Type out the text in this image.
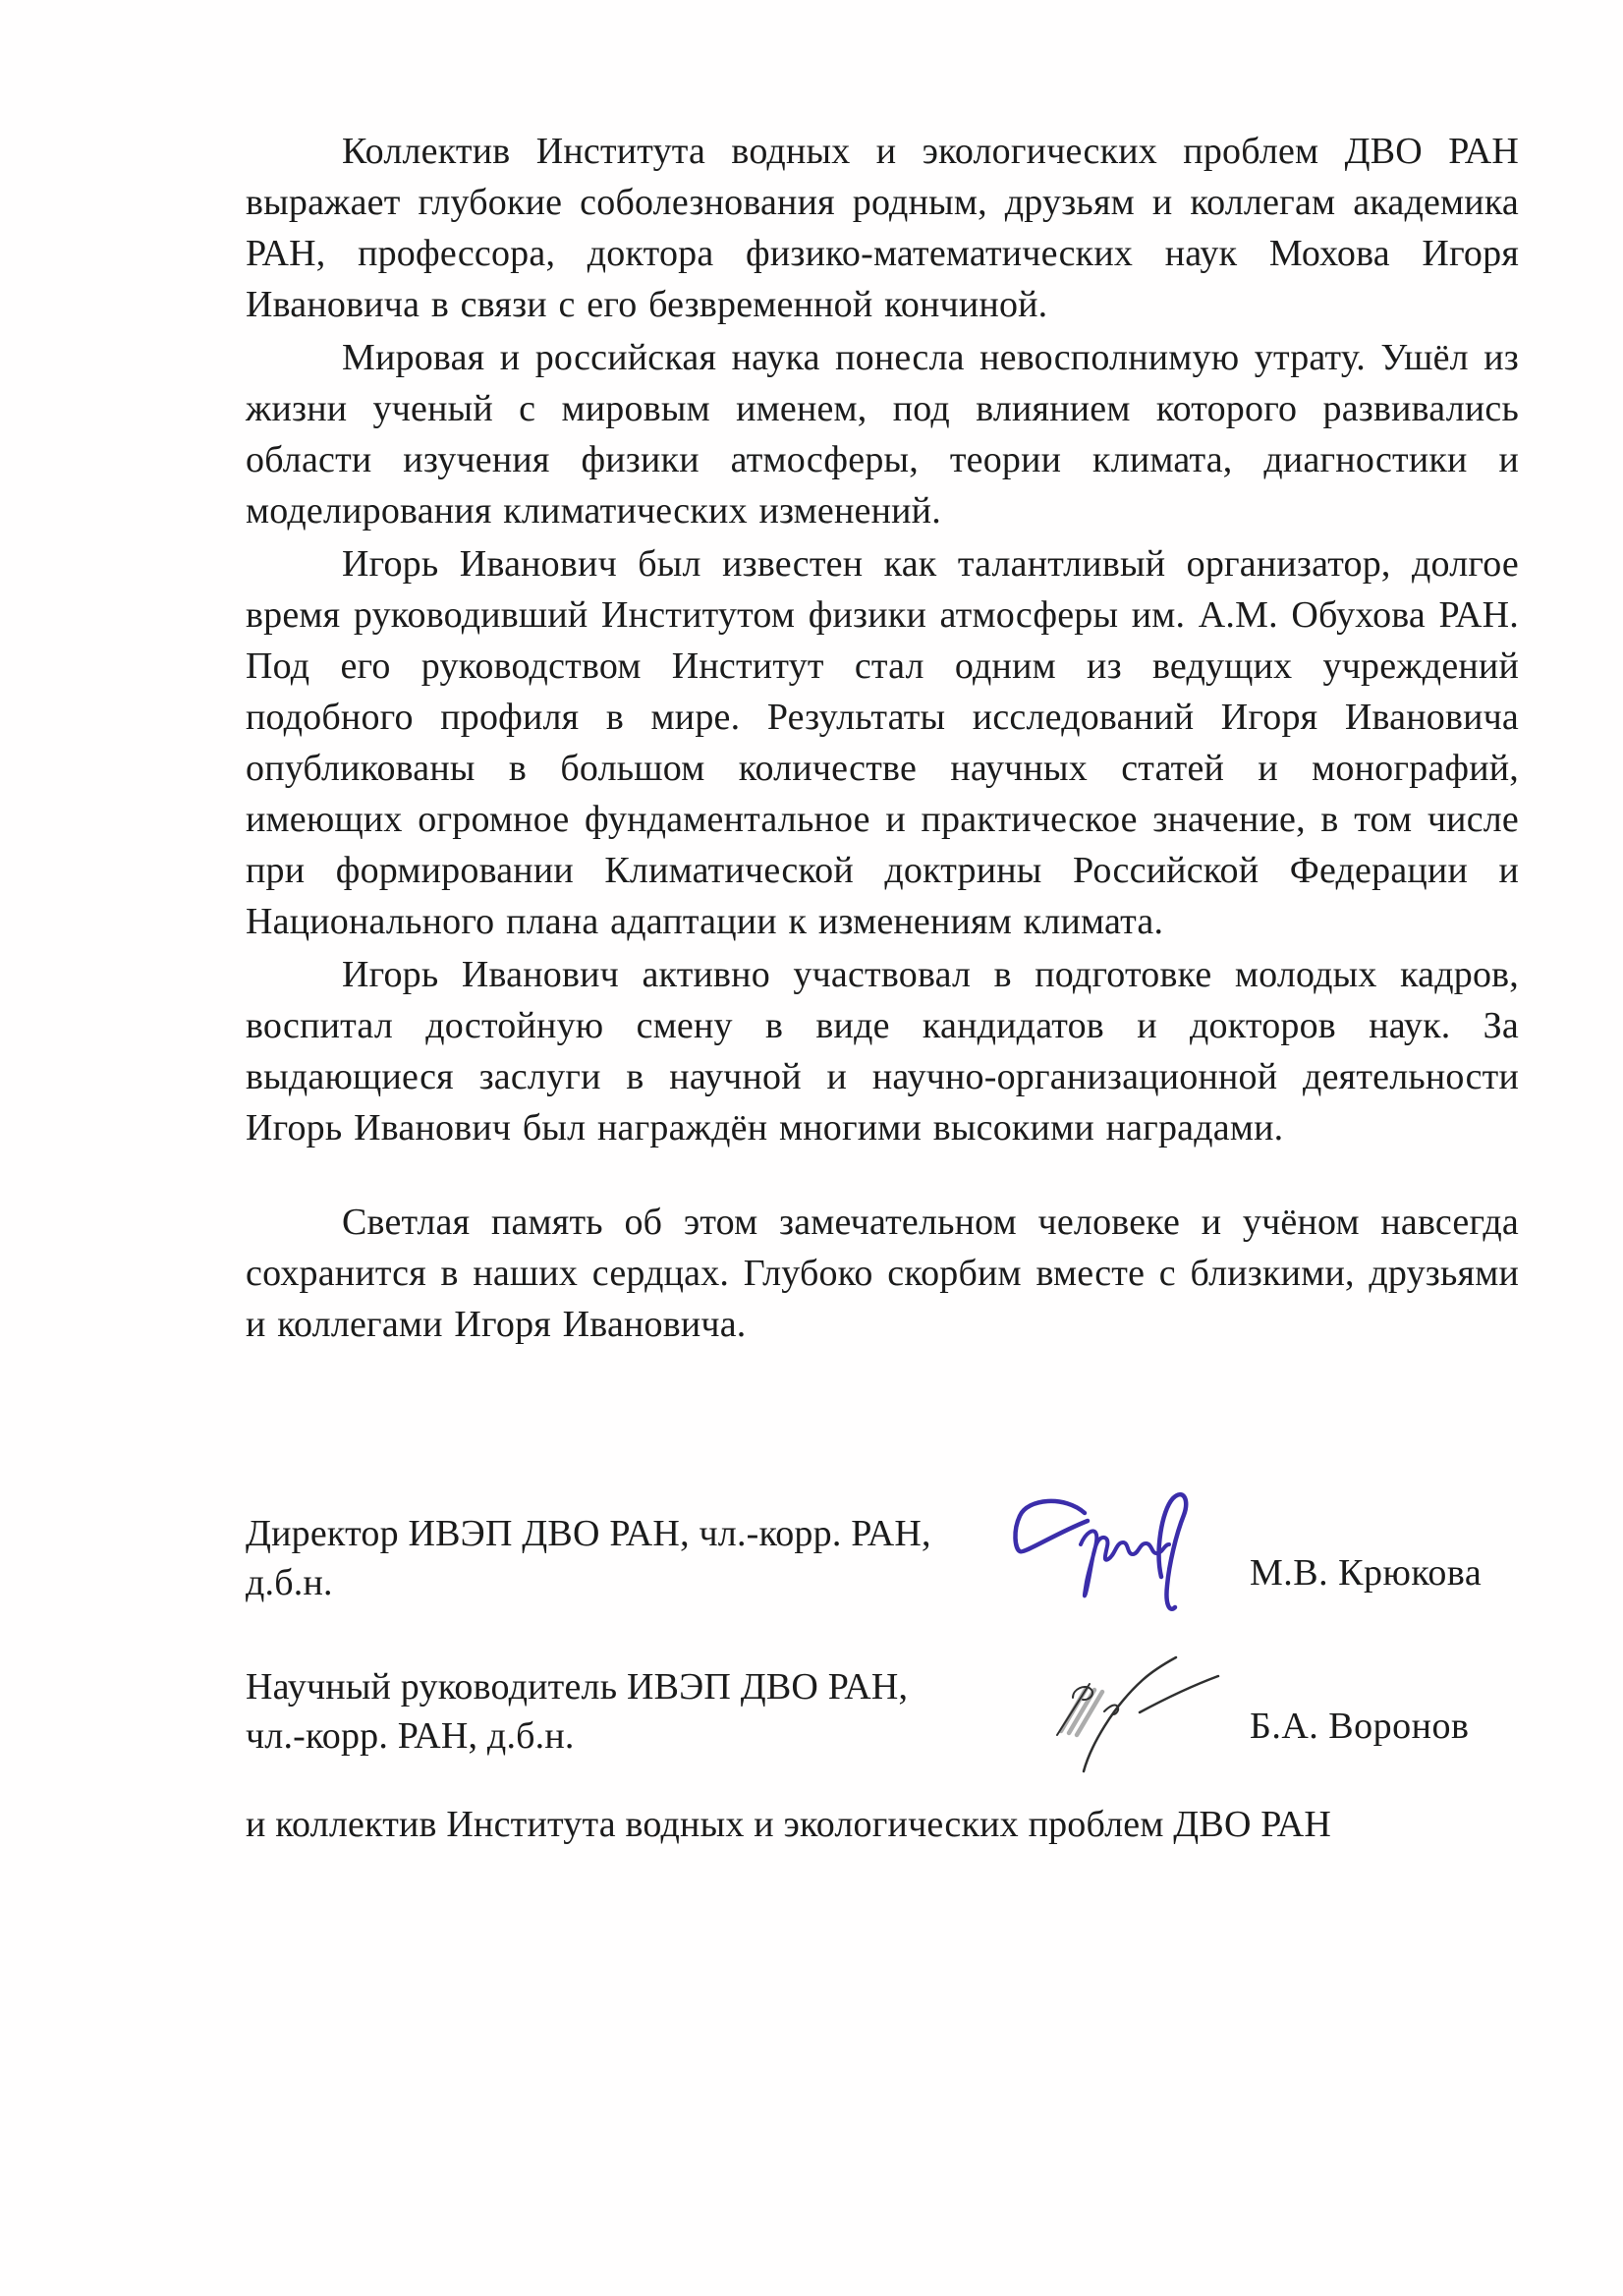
Коллектив Института водных и экологических проблем ДВО РАН выражает глубокие соболезнования родным, друзьям и коллегам академика РАН, профессора, доктора физико-математических наук Мохова Игоря Ивановича в связи с его безвременной кончиной.

Мировая и российская наука понесла невосполнимую утрату. Ушёл из жизни ученый с мировым именем, под влиянием которого развивались области изучения физики атмосферы, теории климата, диагностики и моделирования климатических изменений.

Игорь Иванович был известен как талантливый организатор, долгое время руководивший Институтом физики атмосферы им. А.М. Обухова РАН. Под его руководством Институт стал одним из ведущих учреждений подобного профиля в мире. Результаты исследований Игоря Ивановича опубликованы в большом количестве научных статей и монографий, имеющих огромное фундаментальное и практическое значение, в том числе при формировании Климатической доктрины Российской Федерации и Национального плана адаптации к изменениям климата.

Игорь Иванович активно участвовал в подготовке молодых кадров, воспитал достойную смену в виде кандидатов и докторов наук. За выдающиеся заслуги в научной и научно-организационной деятельности Игорь Иванович был награждён многими высокими наградами.

Светлая память об этом замечательном человеке и учёном навсегда сохранится в наших сердцах. Глубоко скорбим вместе с близкими, друзьями и коллегами Игоря Ивановича.

Директор ИВЭП ДВО РАН, чл.-корр. РАН,
д.б.н.	М.В. Крюкова
Научный руководитель ИВЭП ДВО РАН,
чл.-корр. РАН, д.б.н.	Б.А. Воронов
и коллектив Института водных и экологических проблем ДВО РАН
